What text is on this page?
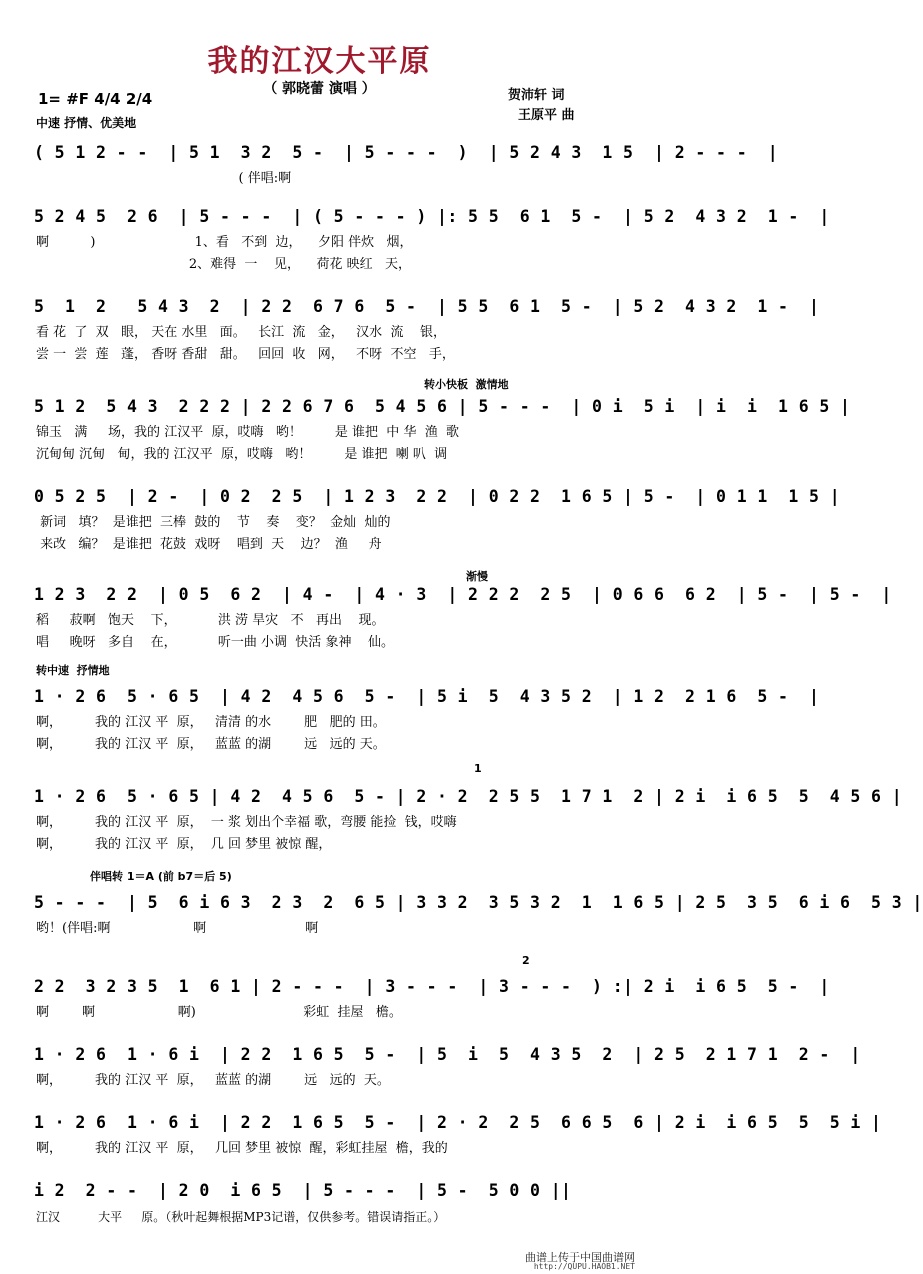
我的江汉大平原
（ 郭晓蕾 演唱 ）	贺沛轩 词
王原平 曲
1= #F 4/4 2/4
中速 抒情、优美地
转小快板  激情地
渐慢
转中速  抒情地
1
伴唱转 1＝A (前 b7＝后 5)
2
( 5 1 2 - -  | 5 1  3 2  5 -  | 5 - - -  )  | 5 2 4 3  1 5  | 2 - - -  |
( 伴唱:啊
5 2 4 5  2 6  | 5 - - -  | ( 5 - - - ) |: 5 5  6 1  5 -  | 5 2  4 3 2  1 -  |
啊          )                        1、看   不到  边，    夕阳 伴炊   烟，
2、难得  一    见，    荷花 映红   天，
5  1  2   5 4 3  2  | 2 2  6 7 6  5 -  | 5 5  6 1  5 -  | 5 2  4 3 2  1 -  |
看 花  了  双   眼， 天在 水里   面。   长江  流   金，   汉水  流    银，
尝 一  尝  莲   蓬， 香呀 香甜   甜。   回回  收   网，   不呀  不空   手，
5 1 2  5 4 3  2 2 2 | 2 2 6 7 6  5 4 5 6 | 5 - - -  | 0 i  5 i  | i  i  1 6 5 |
锦玉   满     场，我的 江汉平  原，哎嗨   哟！        是 谁把  中 华  渔  歌
沉甸甸 沉甸   甸，我的 江汉平  原，哎嗨   哟！        是 谁把  喇 叭  调
0 5 2 5  | 2 -  | 0 2  2 5  | 1 2 3  2 2  | 0 2 2  1 6 5 | 5 -  | 0 1 1  1 5 |
新词   填？  是谁把  三棒  鼓的    节    奏    变？  金灿  灿的
来改   编？  是谁把  花鼓  戏呀    唱到  天    边？  渔     舟
1 2 3  2 2  | 0 5  6 2  | 4 -  | 4 · 3  | 2 2 2  2 5  | 0 6 6  6 2  | 5 -  | 5 -  |
稻     菽啊   饱天    下，          洪 涝 旱灾   不   再出    现。
唱     晚呀   多自    在，          听一曲 小调  快活 象神    仙。
1 · 2 6  5 · 6 5  | 4 2  4 5 6  5 -  | 5 i  5  4 3 5 2  | 1 2  2 1 6  5 -  |
啊，        我的 江汉 平  原，   清清 的水        肥   肥的 田。
啊，        我的 江汉 平  原，   蓝蓝 的湖        远   远的 天。
1 · 2 6  5 · 6 5 | 4 2  4 5 6  5 - | 2 · 2  2 5 5  1 7 1  2 | 2 i  i 6 5  5  4 5 6 |
啊，        我的 江汉 平  原，  一 浆 划出个幸福 歌，弯腰 能捡  钱，哎嗨
啊，        我的 江汉 平  原，  几 回 梦里 被惊 醒，
5 - - -  | 5  6 i 6 3  2 3  2  6 5 | 3 3 2  3 5 3 2  1  1 6 5 | 2 5  3 5  6 i 6  5 3 |
哟！(伴唱:啊                    啊                        啊
2 2  3 2 3 5  1  6 1 | 2 - - -  | 3 - - -  | 3 - - -  ) :| 2 i  i 6 5  5 -  |
啊        啊                    啊)                          彩虹  挂屋   檐。
1 · 2 6  1 · 6 i  | 2 2  1 6 5  5 -  | 5  i  5  4 3 5  2  | 2 5  2 1 7 1  2 -  |
啊，        我的 江汉 平  原，   蓝蓝 的湖        远   远的  天。
1 · 2 6  1 · 6 i  | 2 2  1 6 5  5 -  | 2 · 2  2 5  6 6 5  6 | 2 i  i 6 5  5  5 i |
啊，        我的 江汉 平  原，   几回 梦里 被惊  醒，彩虹挂屋  檐，我的
i 2  2 - -  | 2 0  i 6 5  | 5 - - -  | 5 -  5 0 0 ||
江汉          大平     原。（秋叶起舞根据MP3记谱，仅供参考。错误请指正。）
曲谱上传于中国曲谱网
http://QUPU.HAOB1.NET
